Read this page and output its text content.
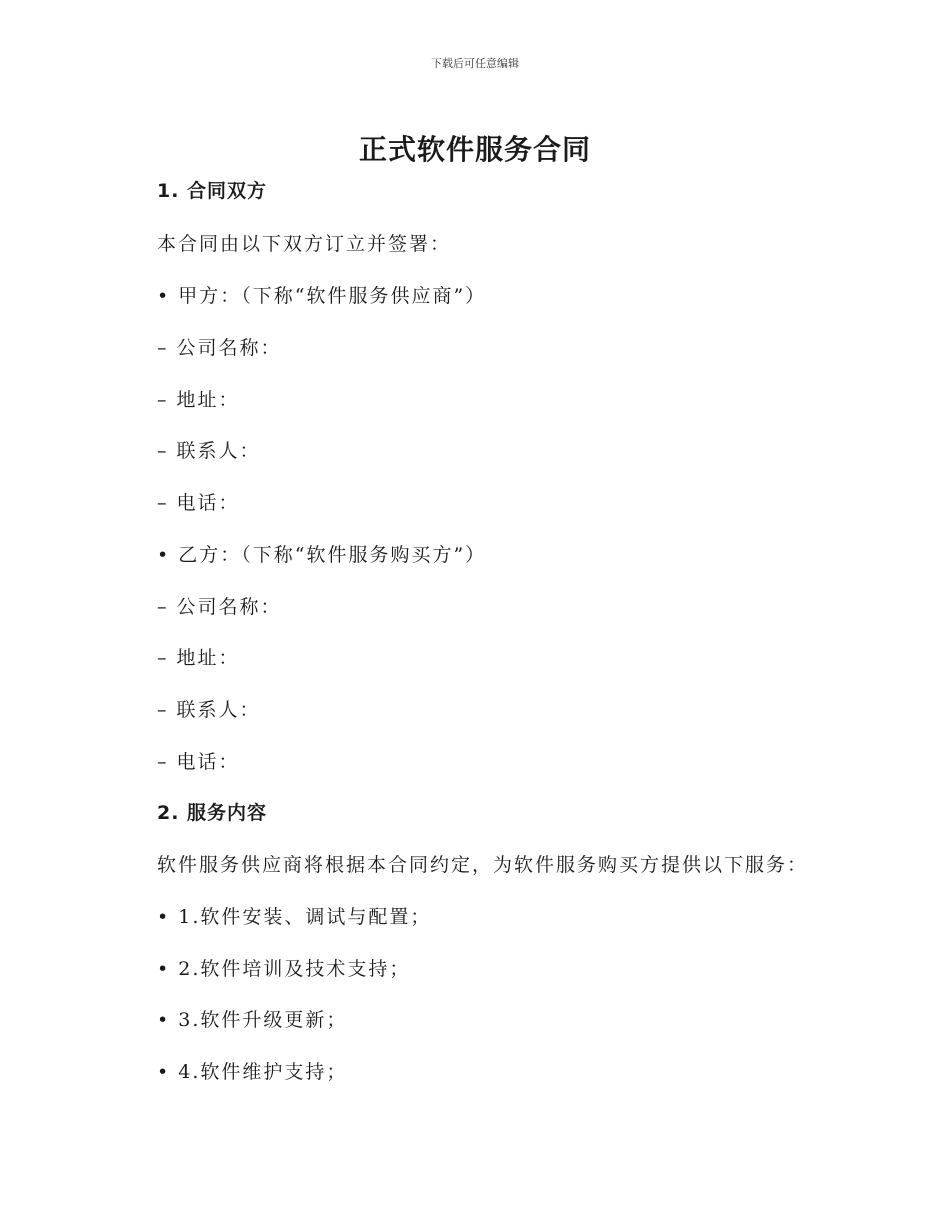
下载后可任意编辑
正式软件服务合同
1. 合同双方
本合同由以下双方订立并签署：
• 甲方：（下称“软件服务供应商”）
– 公司名称：
– 地址：
– 联系人：
– 电话：
• 乙方：（下称“软件服务购买方”）
– 公司名称：
– 地址：
– 联系人：
– 电话：
2. 服务内容
软件服务供应商将根据本合同约定，为软件服务购买方提供以下服务：
• 1.软件安装、调试与配置；
• 2.软件培训及技术支持；
• 3.软件升级更新；
• 4.软件维护支持；
